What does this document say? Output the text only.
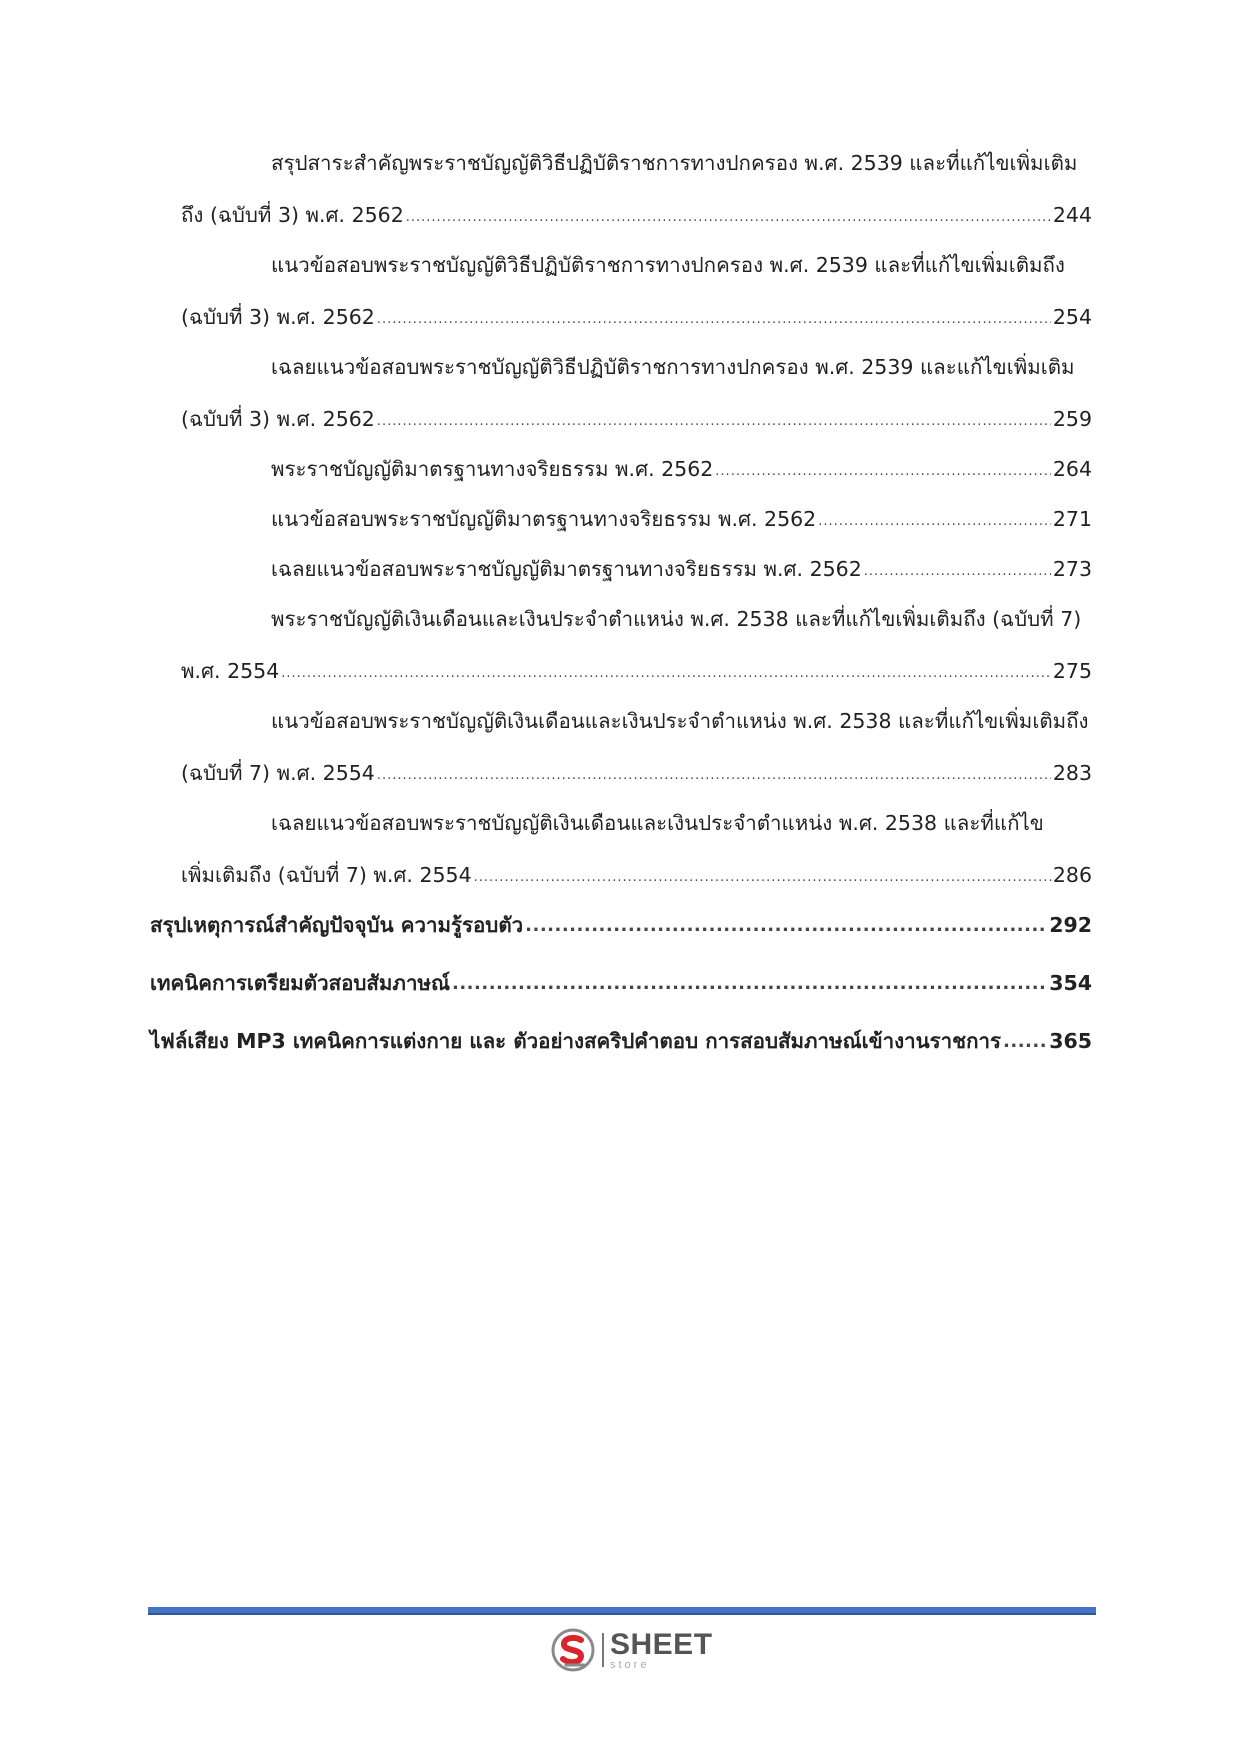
สรุปสาระสำคัญพระราชบัญญัติวิธีปฏิบัติราชการทางปกครอง พ.ศ. 2539 และที่แก้ไขเพิ่มเติม
ถึง (ฉบับที่ 3) พ.ศ. 2562 .....	244
แนวข้อสอบพระราชบัญญัติวิธีปฏิบัติราชการทางปกครอง พ.ศ. 2539 และที่แก้ไขเพิ่มเติมถึง
(ฉบับที่ 3) พ.ศ. 2562 .....	254
เฉลยแนวข้อสอบพระราชบัญญัติวิธีปฏิบัติราชการทางปกครอง พ.ศ. 2539 และแก้ไขเพิ่มเติม
(ฉบับที่ 3) พ.ศ. 2562 .....	259
พระราชบัญญัติมาตรฐานทางจริยธรรม พ.ศ. 2562 .....	264
แนวข้อสอบพระราชบัญญัติมาตรฐานทางจริยธรรม พ.ศ. 2562 .....	271
เฉลยแนวข้อสอบพระราชบัญญัติมาตรฐานทางจริยธรรม พ.ศ. 2562 .....	273
พระราชบัญญัติเงินเดือนและเงินประจำตำแหน่ง พ.ศ. 2538 และที่แก้ไขเพิ่มเติมถึง (ฉบับที่ 7)
พ.ศ. 2554 .....	275
แนวข้อสอบพระราชบัญญัติเงินเดือนและเงินประจำตำแหน่ง พ.ศ. 2538 และที่แก้ไขเพิ่มเติมถึง
(ฉบับที่ 7) พ.ศ. 2554 .....	283
เฉลยแนวข้อสอบพระราชบัญญัติเงินเดือนและเงินประจำตำแหน่ง พ.ศ. 2538 และที่แก้ไข
เพิ่มเติมถึง (ฉบับที่ 7) พ.ศ. 2554 .....	286
สรุปเหตุการณ์สำคัญปัจจุบัน ความรู้รอบตัว .....	292
เทคนิคการเตรียมตัวสอบสัมภาษณ์ .....	354
ไฟล์เสียง MP3 เทคนิคการแต่งกาย และ ตัวอย่างสคริปคำตอบ การสอบสัมภาษณ์เข้างานราชการ ..... 365
SHEET
store
